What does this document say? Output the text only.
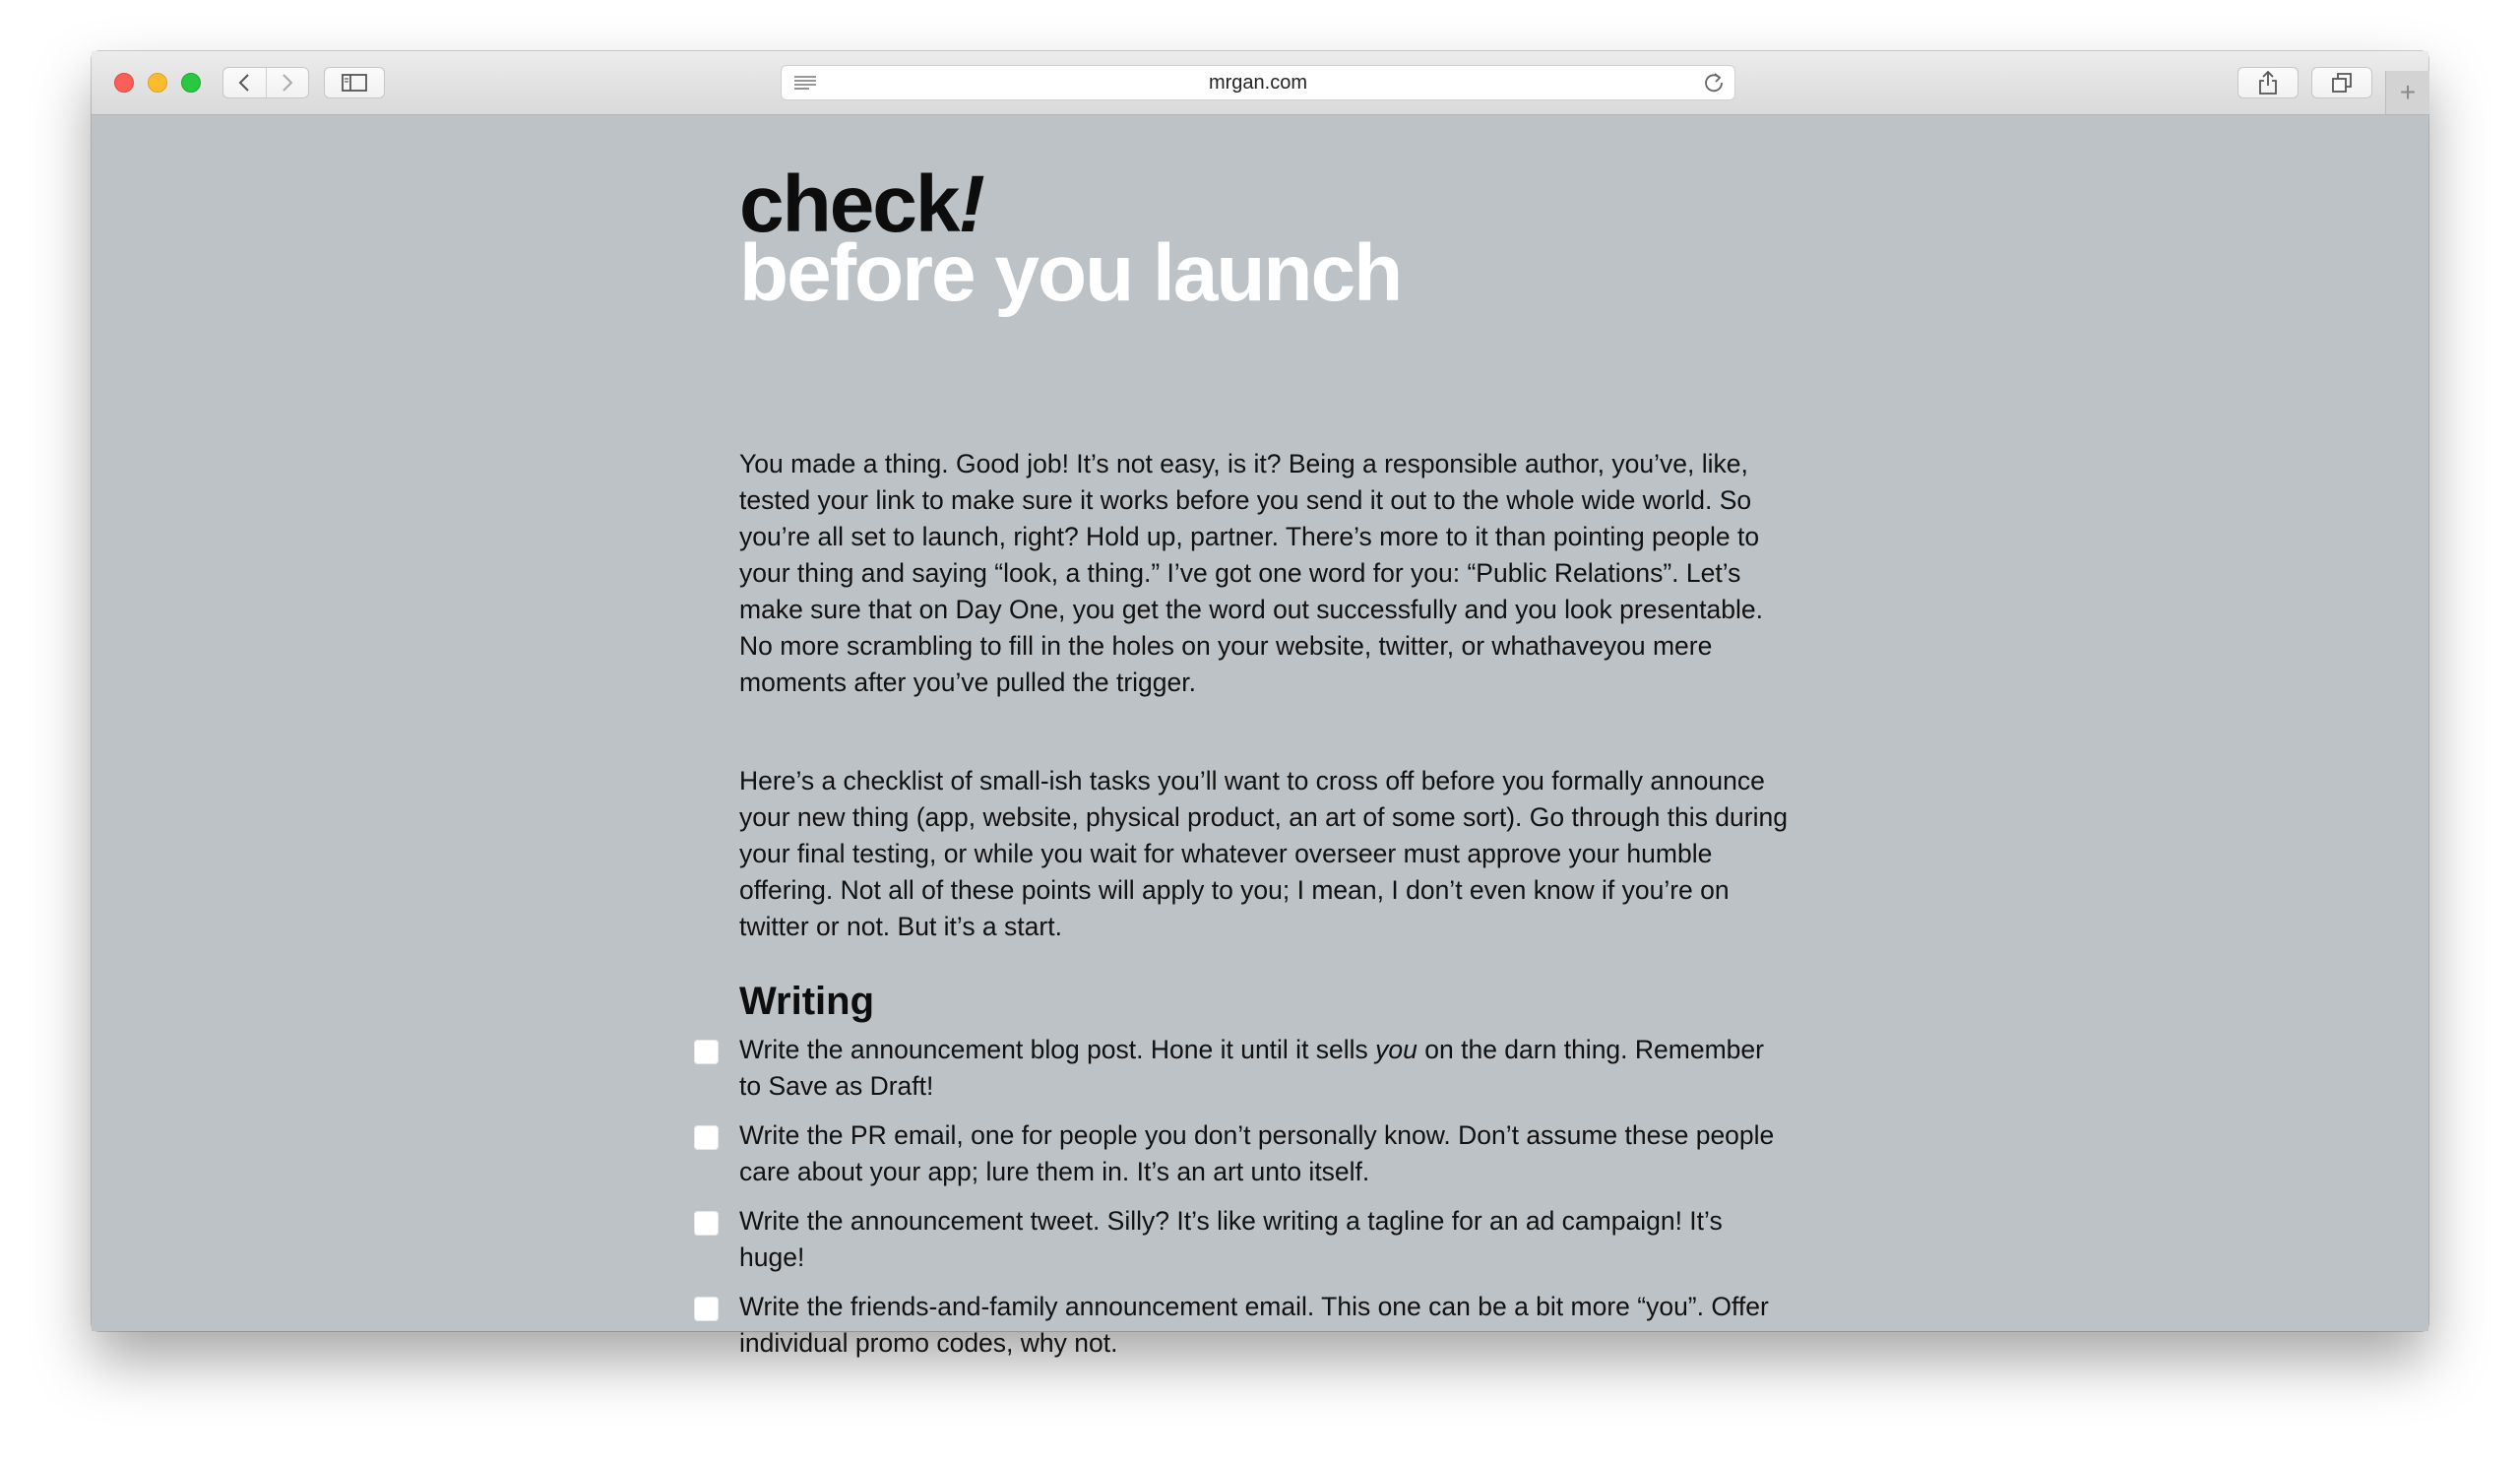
mrgan.com	+
check!
before you launch

You made a thing. Good job! It’s not easy, is it? Being a responsible author, you’ve, like, tested your link to make sure it works before you send it out to the whole wide world. So you’re all set to launch, right? Hold up, partner. There’s more to it than pointing people to your thing and saying “look, a thing.” I’ve got one word for you: “Public Relations”. Let’s make sure that on Day One, you get the word out successfully and you look presentable. No more scrambling to fill in the holes on your website, twitter, or whathaveyou mere moments after you’ve pulled the trigger.

Here’s a checklist of small-ish tasks you’ll want to cross off before you formally announce your new thing (app, website, physical product, an art of some sort). Go through this during your final testing, or while you wait for whatever overseer must approve your humble offering. Not all of these points will apply to you; I mean, I don’t even know if you’re on twitter or not. But it’s a start.

Writing
Write the announcement blog post. Hone it until it sells you on the darn thing. Remember to Save as Draft!
Write the PR email, one for people you don’t personally know. Don’t assume these people care about your app; lure them in. It’s an art unto itself.
Write the announcement tweet. Silly? It’s like writing a tagline for an ad campaign! It’s huge!
Write the friends-and-family announcement email. This one can be a bit more “you”. Offer individual promo codes, why not.
